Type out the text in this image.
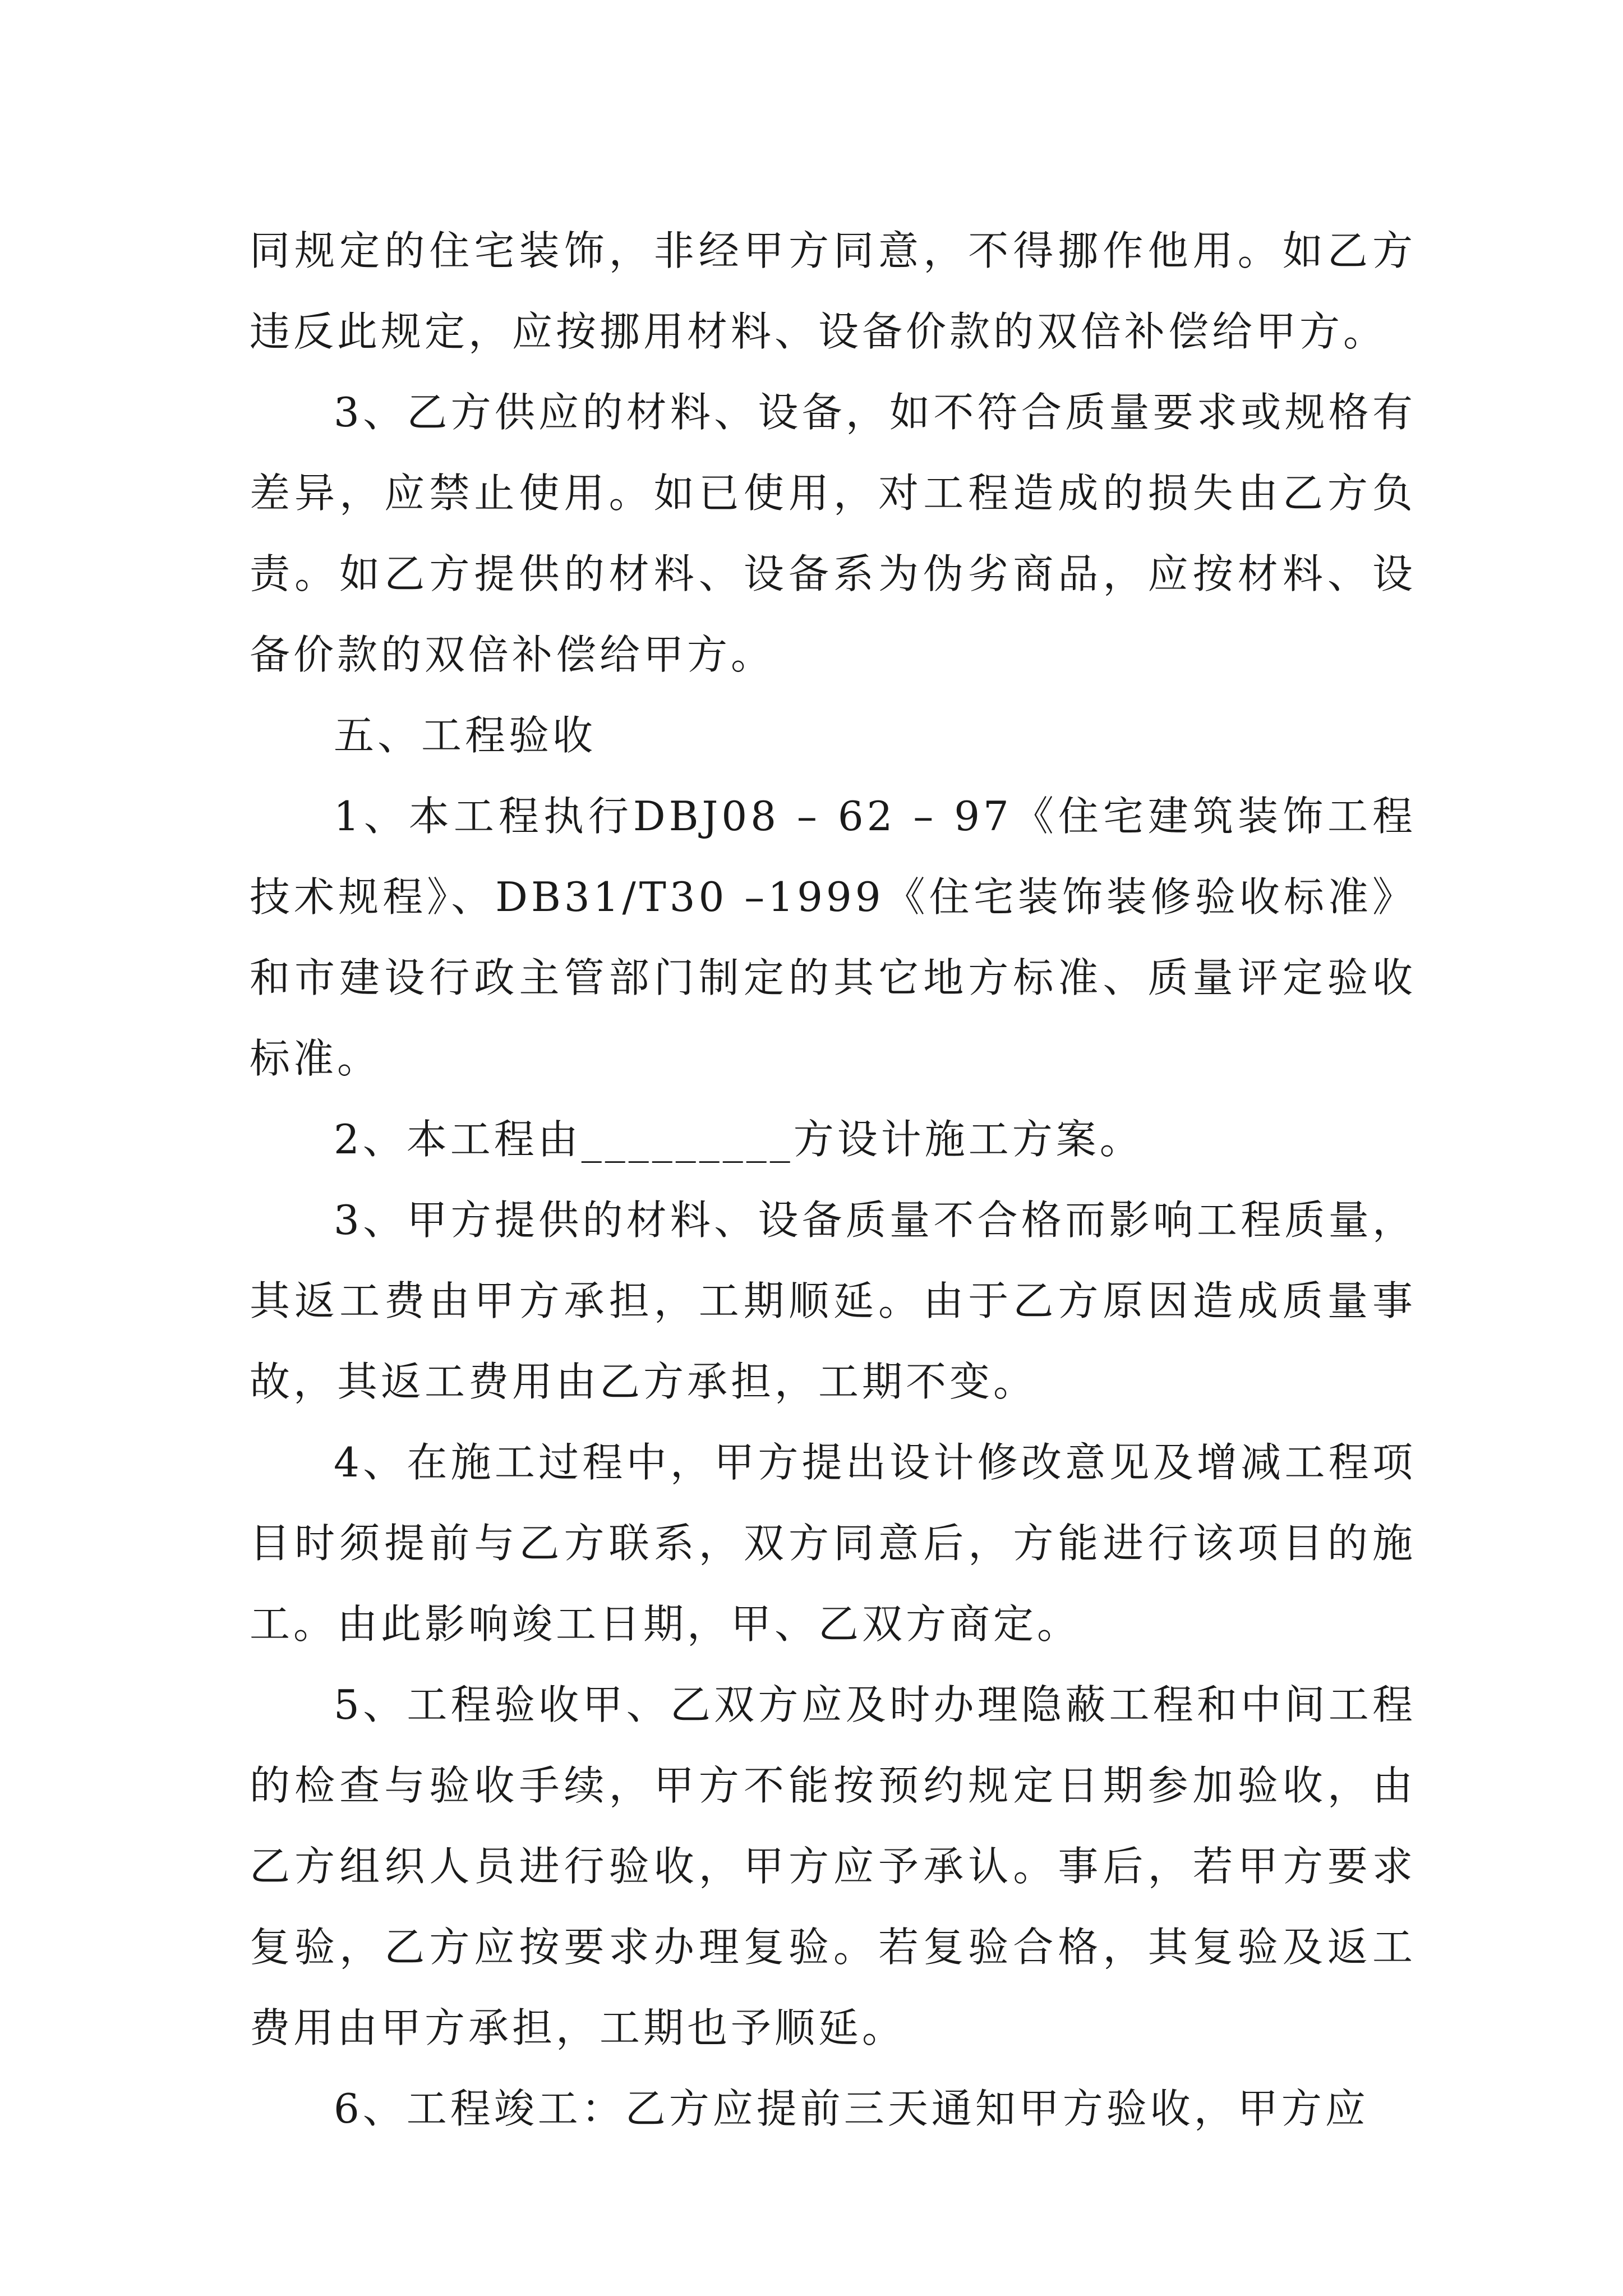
同规定的住宅装饰，非经甲方同意，不得挪作他用。如乙方违反此规定，应按挪用材料、设备价款的双倍补偿给甲方。

3、乙方供应的材料、设备，如不符合质量要求或规格有差异，应禁止使用。如已使用，对工程造成的损失由乙方负责。如乙方提供的材料、设备系为伪劣商品，应按材料、设备价款的双倍补偿给甲方。

五、工程验收

1、本工程执行DBJ08 – 62 – 97《住宅建筑装饰工程技术规程》、DB31/T30 –1999《住宅装饰装修验收标准》和市建设行政主管部门制定的其它地方标准、质量评定验收标准。

2、本工程由_________方设计施工方案。

3、甲方提供的材料、设备质量不合格而影响工程质量，其返工费由甲方承担，工期顺延。由于乙方原因造成质量事故，其返工费用由乙方承担，工期不变。

4、在施工过程中，甲方提出设计修改意见及增减工程项目时须提前与乙方联系，双方同意后，方能进行该项目的施工。由此影响竣工日期，甲、乙双方商定。

5、工程验收甲、乙双方应及时办理隐蔽工程和中间工程的检查与验收手续，甲方不能按预约规定日期参加验收，由乙方组织人员进行验收，甲方应予承认。事后，若甲方要求复验，乙方应按要求办理复验。若复验合格，其复验及返工费用由甲方承担，工期也予顺延。

6、工程竣工：乙方应提前三天通知甲方验收，甲方应
